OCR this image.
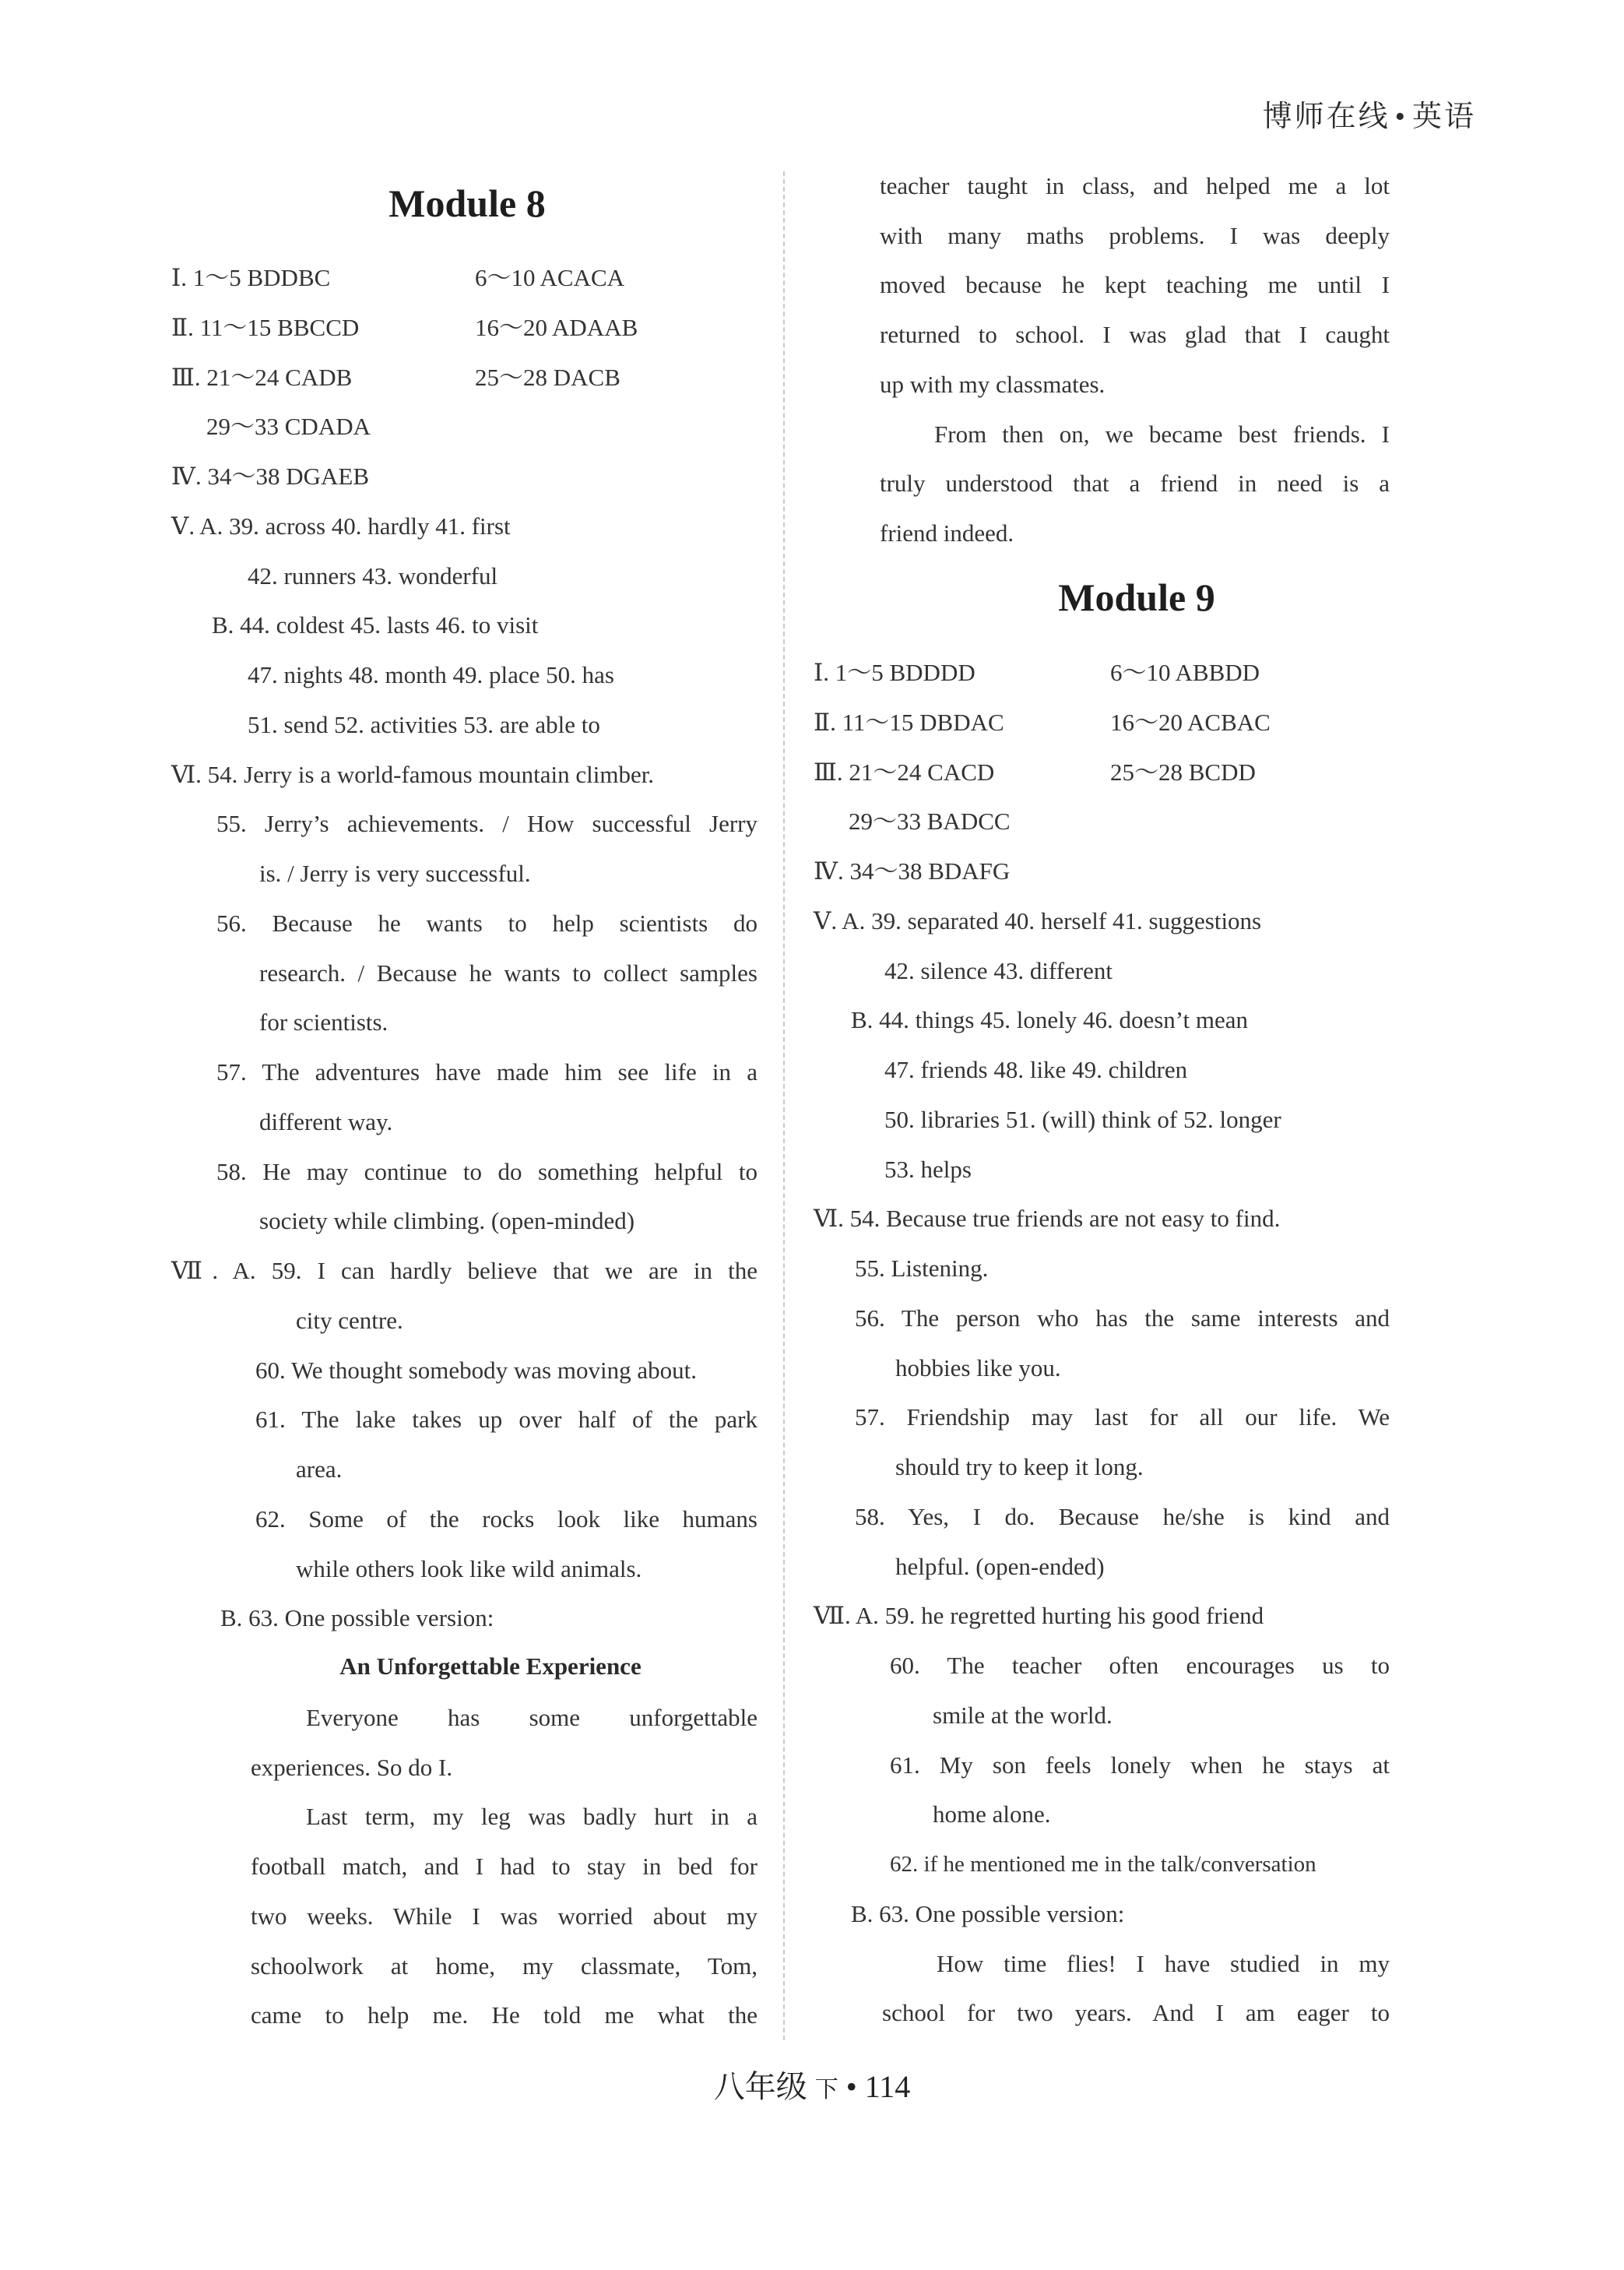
博师在线 • 英语
Module 8
Ⅰ. 1～5 BDDBC	6～10 ACACA
Ⅱ. 11～15 BBCCD	16～20 ADAAB
Ⅲ. 21～24 CADB	25～28 DACB
29～33 CDADA
Ⅳ. 34～38 DGAEB
Ⅴ. A. 39. across 40. hardly 41. first
42. runners 43. wonderful
B. 44. coldest 45. lasts 46. to visit
47. nights 48. month 49. place 50. has
51. send 52. activities 53. are able to
Ⅵ. 54. Jerry is a world-famous mountain climber.
55. Jerry’s achievements. / How successful Jerry
is. / Jerry is very successful.
56. Because he wants to help scientists do
research. / Because he wants to collect samples
for scientists.
57. The adventures have made him see life in a
different way.
58. He may continue to do something helpful to
society while climbing. (open-minded)
Ⅶ. A. 59. I can hardly believe that we are in the
city centre.
60. We thought somebody was moving about.
61. The lake takes up over half of the park
area.
62. Some of the rocks look like humans
while others look like wild animals.
B. 63. One possible version:
An Unforgettable Experience
Everyone has some unforgettable
experiences. So do I.
Last term, my leg was badly hurt in a
football match, and I had to stay in bed for
two weeks. While I was worried about my
schoolwork at home, my classmate, Tom,
came to help me. He told me what the
teacher taught in class, and helped me a lot
with many maths problems. I was deeply
moved because he kept teaching me until I
returned to school. I was glad that I caught
up with my classmates.
From then on, we became best friends. I
truly understood that a friend in need is a
friend indeed.
Module 9
Ⅰ. 1～5 BDDDD	6～10 ABBDD
Ⅱ. 11～15 DBDAC	16～20 ACBAC
Ⅲ. 21～24 CACD	25～28 BCDD
29～33 BADCC
Ⅳ. 34～38 BDAFG
Ⅴ. A. 39. separated 40. herself 41. suggestions
42. silence 43. different
B. 44. things 45. lonely 46. doesn’t mean
47. friends 48. like 49. children
50. libraries 51. (will) think of 52. longer
53. helps
Ⅵ. 54. Because true friends are not easy to find.
55. Listening.
56. The person who has the same interests and
hobbies like you.
57. Friendship may last for all our life. We
should try to keep it long.
58. Yes, I do. Because he/she is kind and
helpful. (open-ended)
Ⅶ. A. 59. he regretted hurting his good friend
60. The teacher often encourages us to
smile at the world.
61. My son feels lonely when he stays at
home alone.
62. if he mentioned me in the talk/conversation
B. 63. One possible version:
How time flies! I have studied in my
school for two years. And I am eager to
八年级 下 • 114
